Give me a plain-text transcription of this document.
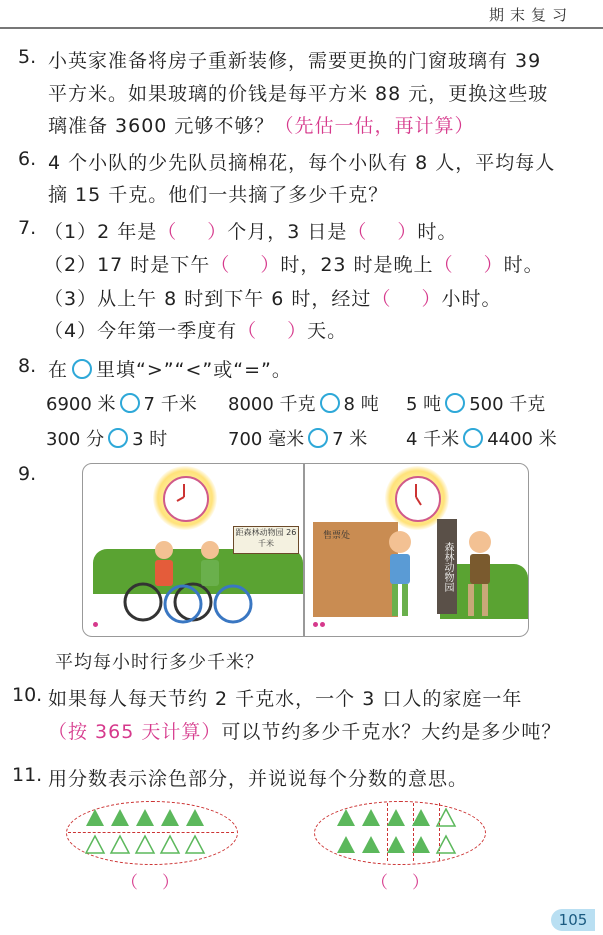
期末复习
5. 小英家准备将房子重新装修，需要更换的门窗玻璃有 39
平方米。如果玻璃的价钱是每平方米 88 元，更换这些玻
璃准备 3600 元够不够？（先估一估，再计算）
6. 4 个小队的少先队员摘棉花，每个小队有 8 人，平均每人
摘 15 千克。他们一共摘了多少千克？
7. （1）2 年是（ ）个月，3 日是（ ）时。
（2）17 时是下午（ ）时，23 时是晚上（ ）时。
（3）从上午 8 时到下午 6 时，经过（ ）小时。
（4）今年第一季度有（ ）天。
8. 在 里填“>”“<”或“=”。
6900 米 7 千米 8000 千克 8 吨 5 吨 500 千克
300 分 3 时	700 毫米 7 米 4 千米 4400 米
9.
距森林动物园 26千米
售票处
森林动物园
平均每小时行多少千米？
10. 如果每人每天节约 2 千克水，一个 3 口人的家庭一年
（按 365 天计算）可以节约多少千克水？大约是多少吨？
11. 用分数表示涂色部分，并说说每个分数的意思。
（ ）	（ ）
105
